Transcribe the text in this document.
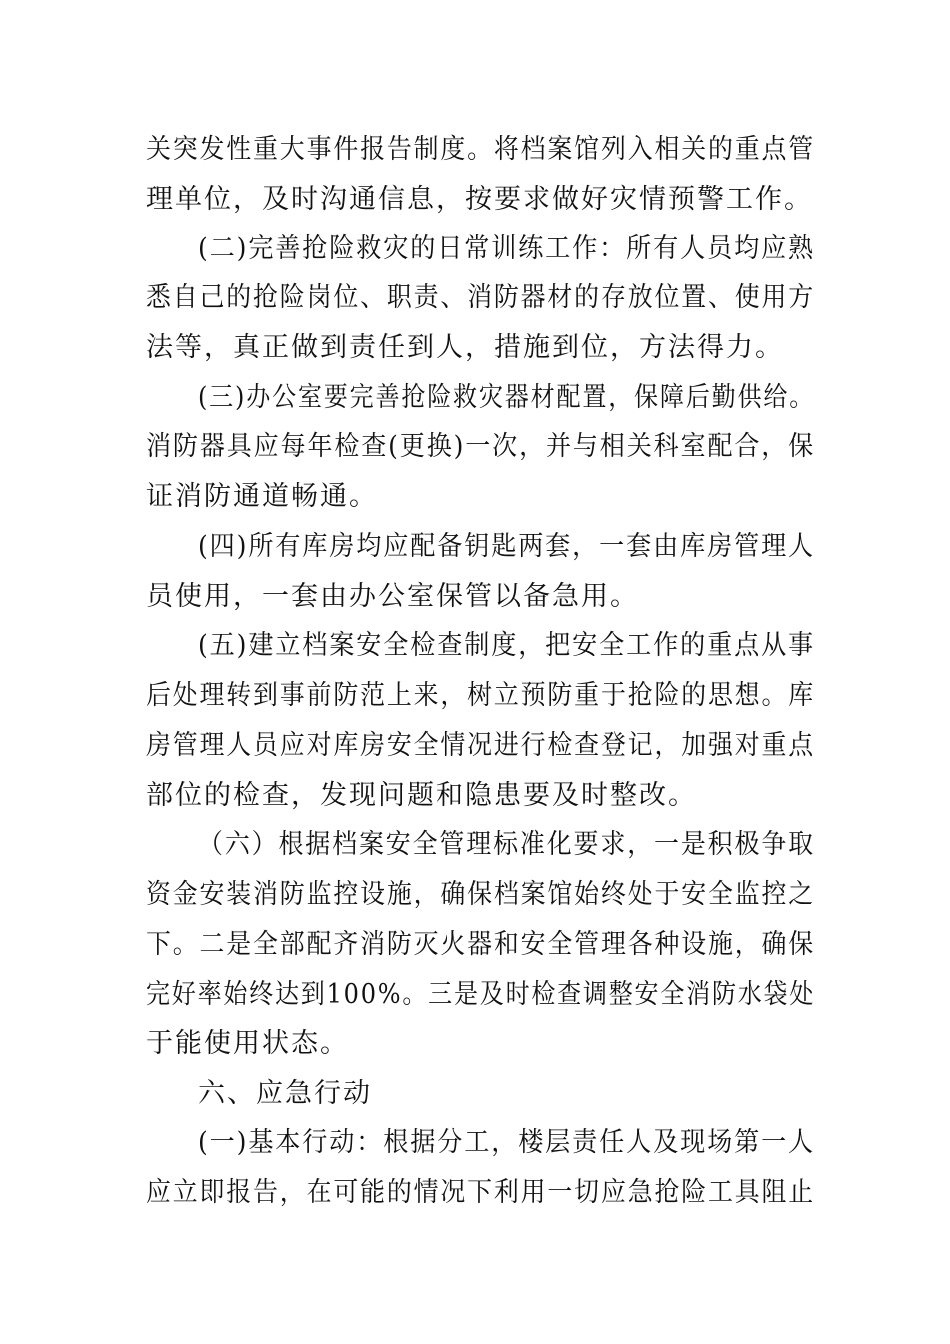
关突发性重大事件报告制度。将档案馆列入相关的重点管
理单位，及时沟通信息，按要求做好灾情预警工作。
(二)完善抢险救灾的日常训练工作：所有人员均应熟
悉自己的抢险岗位、职责、消防器材的存放位置、使用方
法等，真正做到责任到人，措施到位，方法得力。
(三)办公室要完善抢险救灾器材配置，保障后勤供给。
消防器具应每年检查(更换)一次，并与相关科室配合，保
证消防通道畅通。
(四)所有库房均应配备钥匙两套，一套由库房管理人
员使用，一套由办公室保管以备急用。
(五)建立档案安全检查制度，把安全工作的重点从事
后处理转到事前防范上来，树立预防重于抢险的思想。库
房管理人员应对库房安全情况进行检查登记，加强对重点
部位的检查，发现问题和隐患要及时整改。
（六）根据档案安全管理标准化要求，一是积极争取
资金安装消防监控设施，确保档案馆始终处于安全监控之
下。二是全部配齐消防灭火器和安全管理各种设施，确保
完好率始终达到100%。三是及时检查调整安全消防水袋处
于能使用状态。
六、应急行动
(一)基本行动：根据分工，楼层责任人及现场第一人
应立即报告，在可能的情况下利用一切应急抢险工具阻止
